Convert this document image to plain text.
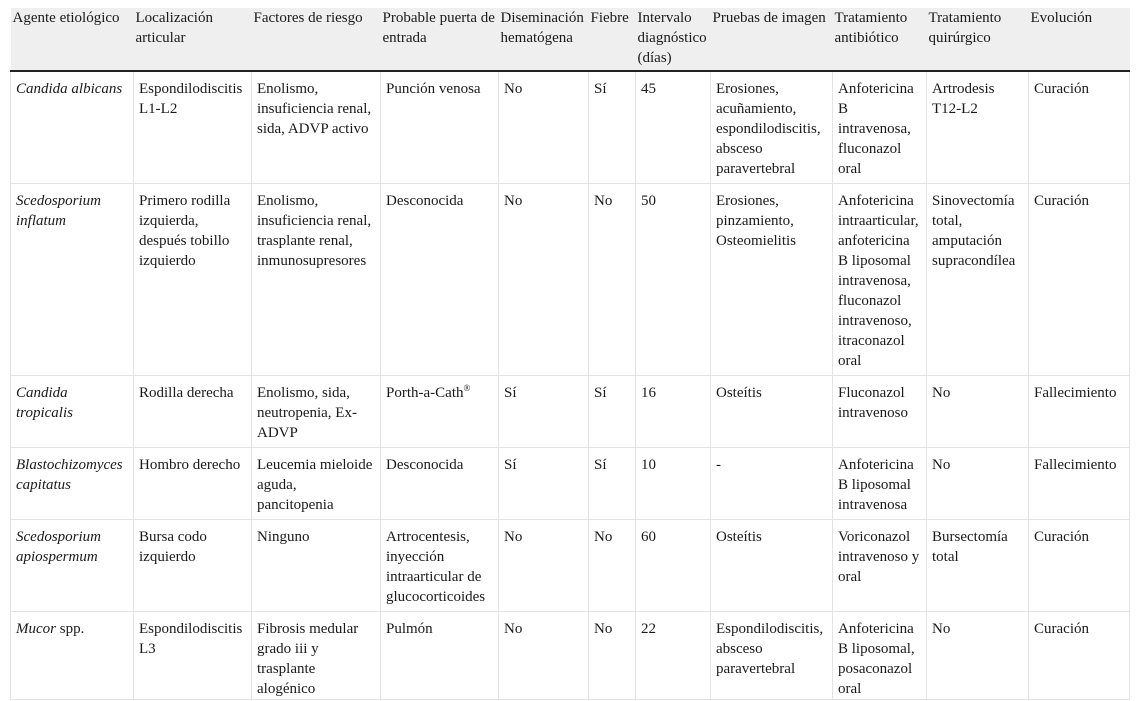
Agente etiológico	Localización articular	Factores de riesgo	Probable puerta de entrada	Diseminación hematógena	Fiebre	Intervalo diagnóstico (días)	Pruebas de imagen	Tratamiento antibiótico	Tratamiento quirúrgico	Evolución
Candida albicans	Espondilodiscitis L1-L2	Enolismo, insuficiencia renal, sida, ADVP activo	Punción venosa	No	Sí	45	Erosiones, acuñamiento, espondilodiscitis, absceso paravertebral	Anfotericina B intravenosa, fluconazol oral	Artrodesis T12-L2	Curación
Scedosporium inflatum	Primero rodilla izquierda, después tobillo izquierdo	Enolismo, insuficiencia renal, trasplante renal, inmunosupresores	Desconocida	No	No	50	Erosiones, pinzamiento, Osteomielitis	Anfotericina intraarticular, anfotericina B liposomal intravenosa, fluconazol intravenoso, itraconazol oral	Sinovectomía total, amputación supracondílea	Curación
Candida tropicalis	Rodilla derecha	Enolismo, sida, neutropenia, Ex-ADVP	Porth-a-Cath®	Sí	Sí	16	Osteítis	Fluconazol intravenoso	No	Fallecimiento
Blastochizomyces capitatus	Hombro derecho	Leucemia mieloide aguda, pancitopenia	Desconocida	Sí	Sí	10	-	Anfotericina B liposomal intravenosa	No	Fallecimiento
Scedosporium apiospermum	Bursa codo izquierdo	Ninguno	Artrocentesis, inyección intraarticular de glucocorticoides	No	No	60	Osteítis	Voriconazol intravenoso y oral	Bursectomía total	Curación
Mucor spp.	Espondilodiscitis L3	Fibrosis medular grado iii y trasplante alogénico	Pulmón	No	No	22	Espondilodiscitis, absceso paravertebral	Anfotericina B liposomal, posaconazol oral	No	Curación
